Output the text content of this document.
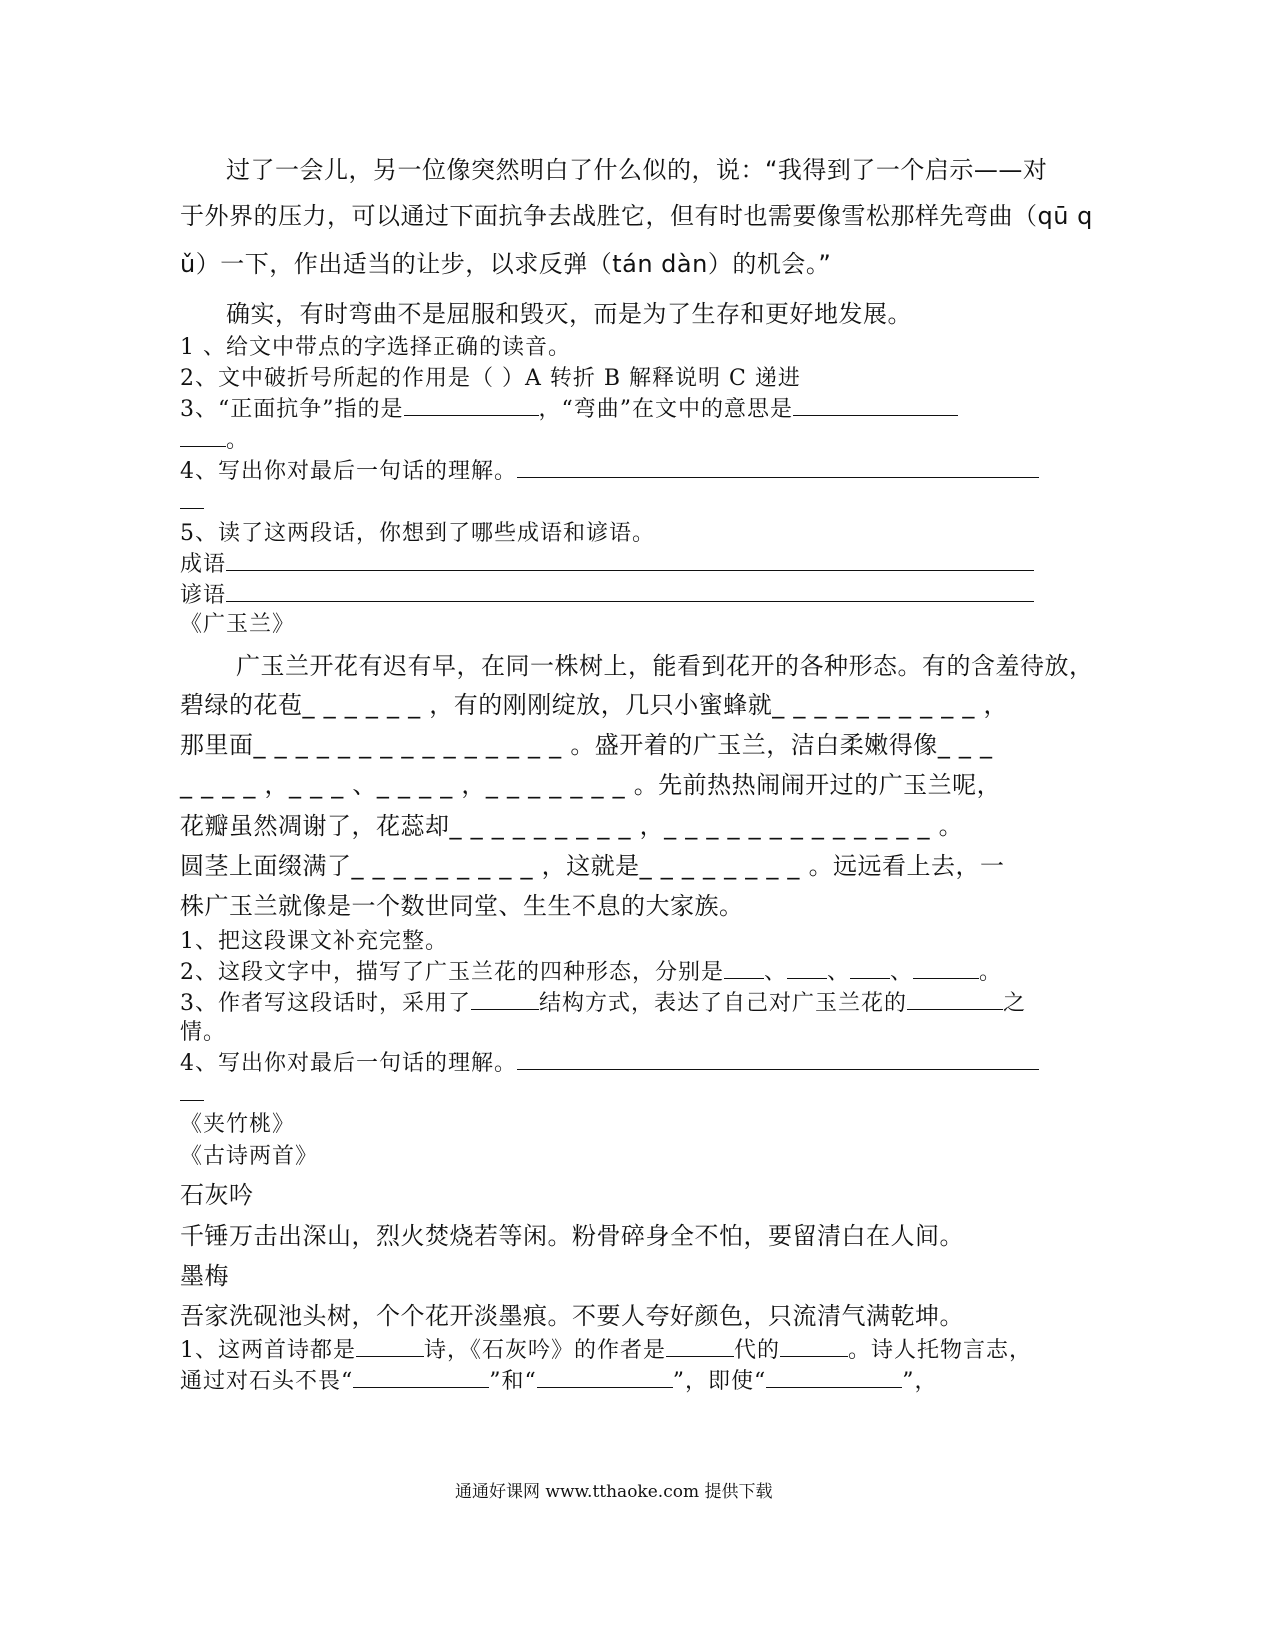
过了一会儿，另一位像突然明白了什么似的，说：“我得到了一个启示——对
于外界的压力，可以通过下面抗争去战胜它，但有时也需要像雪松那样先弯曲（qū q
ǔ）一下，作出适当的让步，以求反弹（tán dàn）的机会。”
确实，有时弯曲不是屈服和毁灭，而是为了生存和更好地发展。
1 、给文中带点的字选择正确的读音。
2、文中破折号所起的作用是（ ）A 转折 B 解释说明 C 递进
3、“正面抗争”指的是	，“弯曲”在文中的意思是
。
4、写出你对最后一句话的理解。
5、读了这两段话，你想到了哪些成语和谚语。
成语
谚语
《广玉兰》
广玉兰开花有迟有早，在同一株树上，能看到花开的各种形态。有的含羞待放，
碧绿的花苞______，有的刚刚绽放，几只小蜜蜂就__________，
那里面_______________。盛开着的广玉兰，洁白柔嫩得像___
____，___、____，_______。先前热热闹闹开过的广玉兰呢，
花瓣虽然凋谢了，花蕊却_________，_____________。
圆茎上面缀满了_________，这就是________。远远看上去，一
株广玉兰就像是一个数世同堂、生生不息的大家族。
1、把这段课文补充完整。
2、这段文字中，描写了广玉兰花的四种形态，分别是 、 、 、	。
3、作者写这段话时，采用了	结构方式，表达了自己对广玉兰花的	之
情。
4、写出你对最后一句话的理解。
《夹竹桃》
《古诗两首》
石灰吟
千锤万击出深山，烈火焚烧若等闲。粉骨碎身全不怕，要留清白在人间。
墨梅
吾家洗砚池头树，个个花开淡墨痕。不要人夸好颜色，只流清气满乾坤。
1、这两首诗都是	诗，《石灰吟》的作者是	代的	。诗人托物言志，
通过对石头不畏“	”和“	”，即使“	”，
通通好课网 www.tthaoke.com 提供下载
